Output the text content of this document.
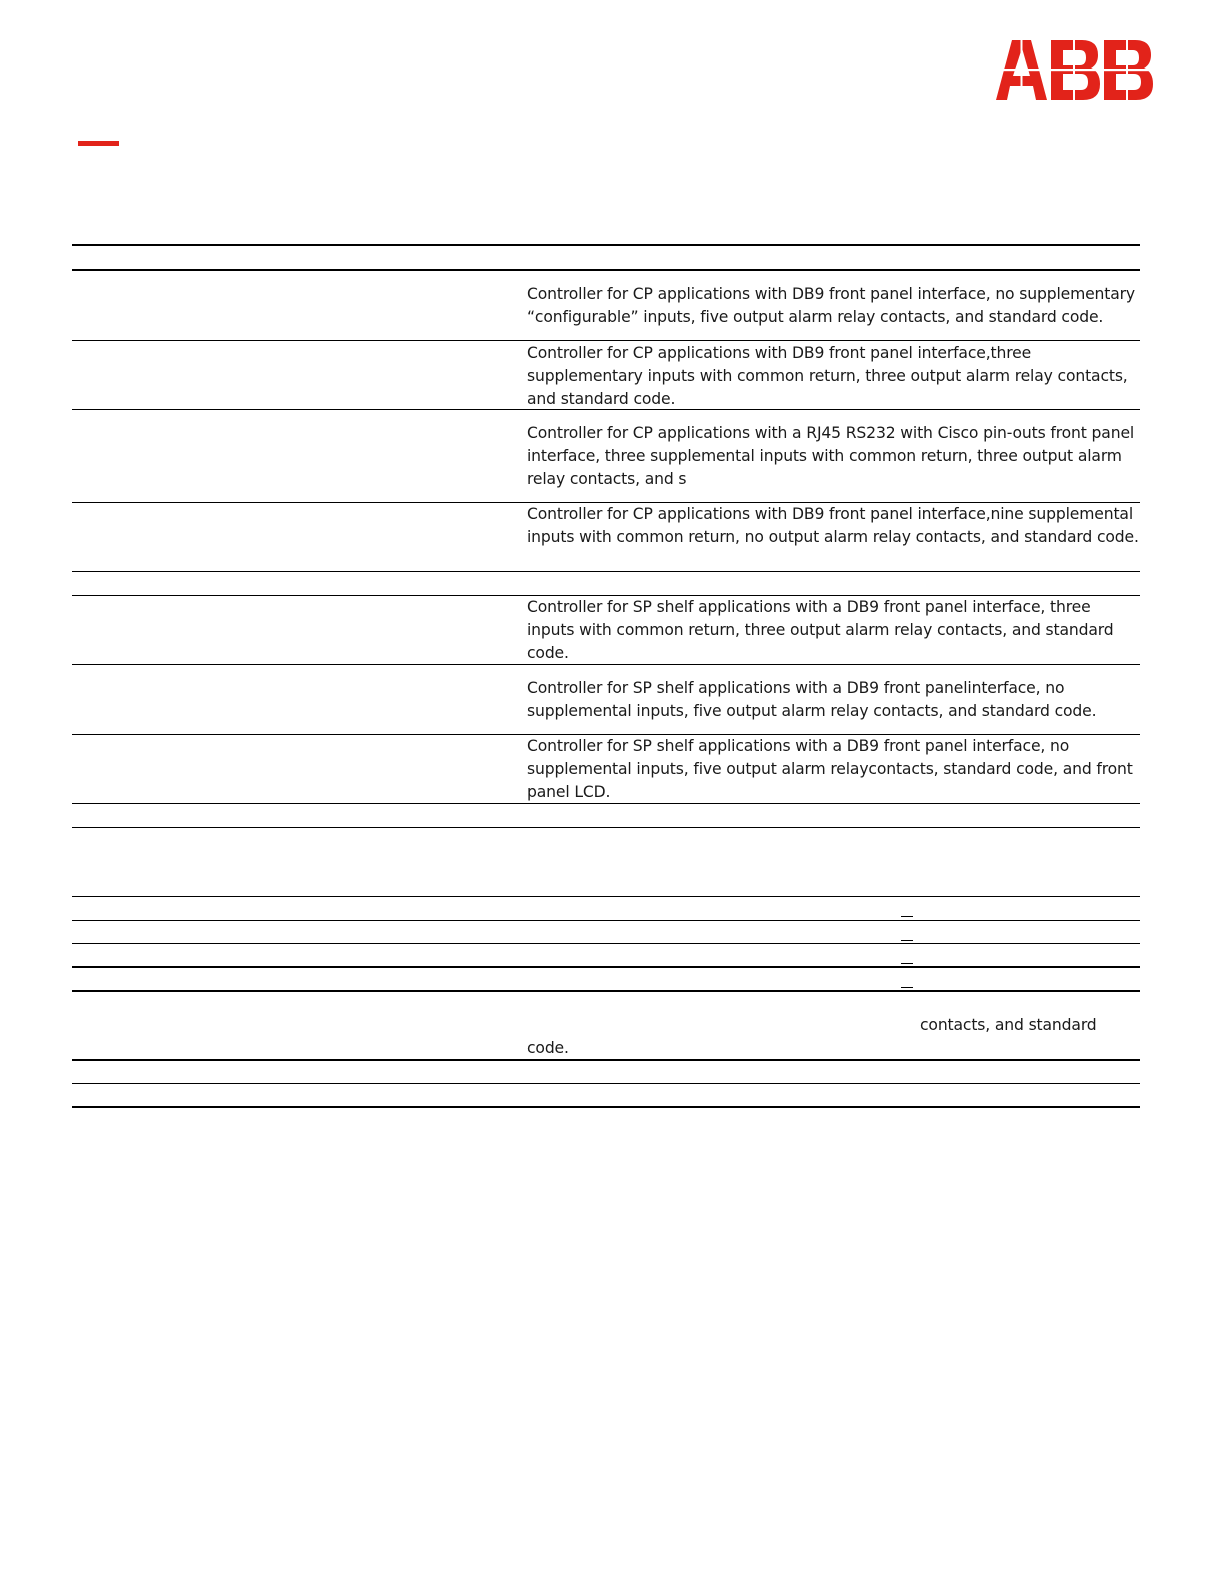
Controller for CP applications with DB9 front panel interface, no supplementary “configurable” inputs, five output alarm relay contacts, and standard code.
Controller for CP applications with DB9 front panel interface,three supplementary inputs with common return, three output alarm relay contacts, and standard code.
Controller for CP applications with a RJ45 RS232 with Cisco pin-outs front panel interface, three supplemental inputs with common return, three output alarm relay contacts, and s
Controller for CP applications with DB9 front panel interface,nine supplemental inputs with common return, no output alarm relay contacts, and standard code.
Controller for SP shelf applications with a DB9 front panel interface, three inputs with common return, three output alarm relay contacts, and standard code.
Controller for SP shelf applications with a DB9 front panelinterface, no supplemental inputs, five output alarm relay contacts, and standard code.
Controller for SP shelf applications with a DB9 front panel interface, no supplemental inputs, five output alarm relaycontacts, standard code, and front panel LCD.
contacts, and standard
code.
